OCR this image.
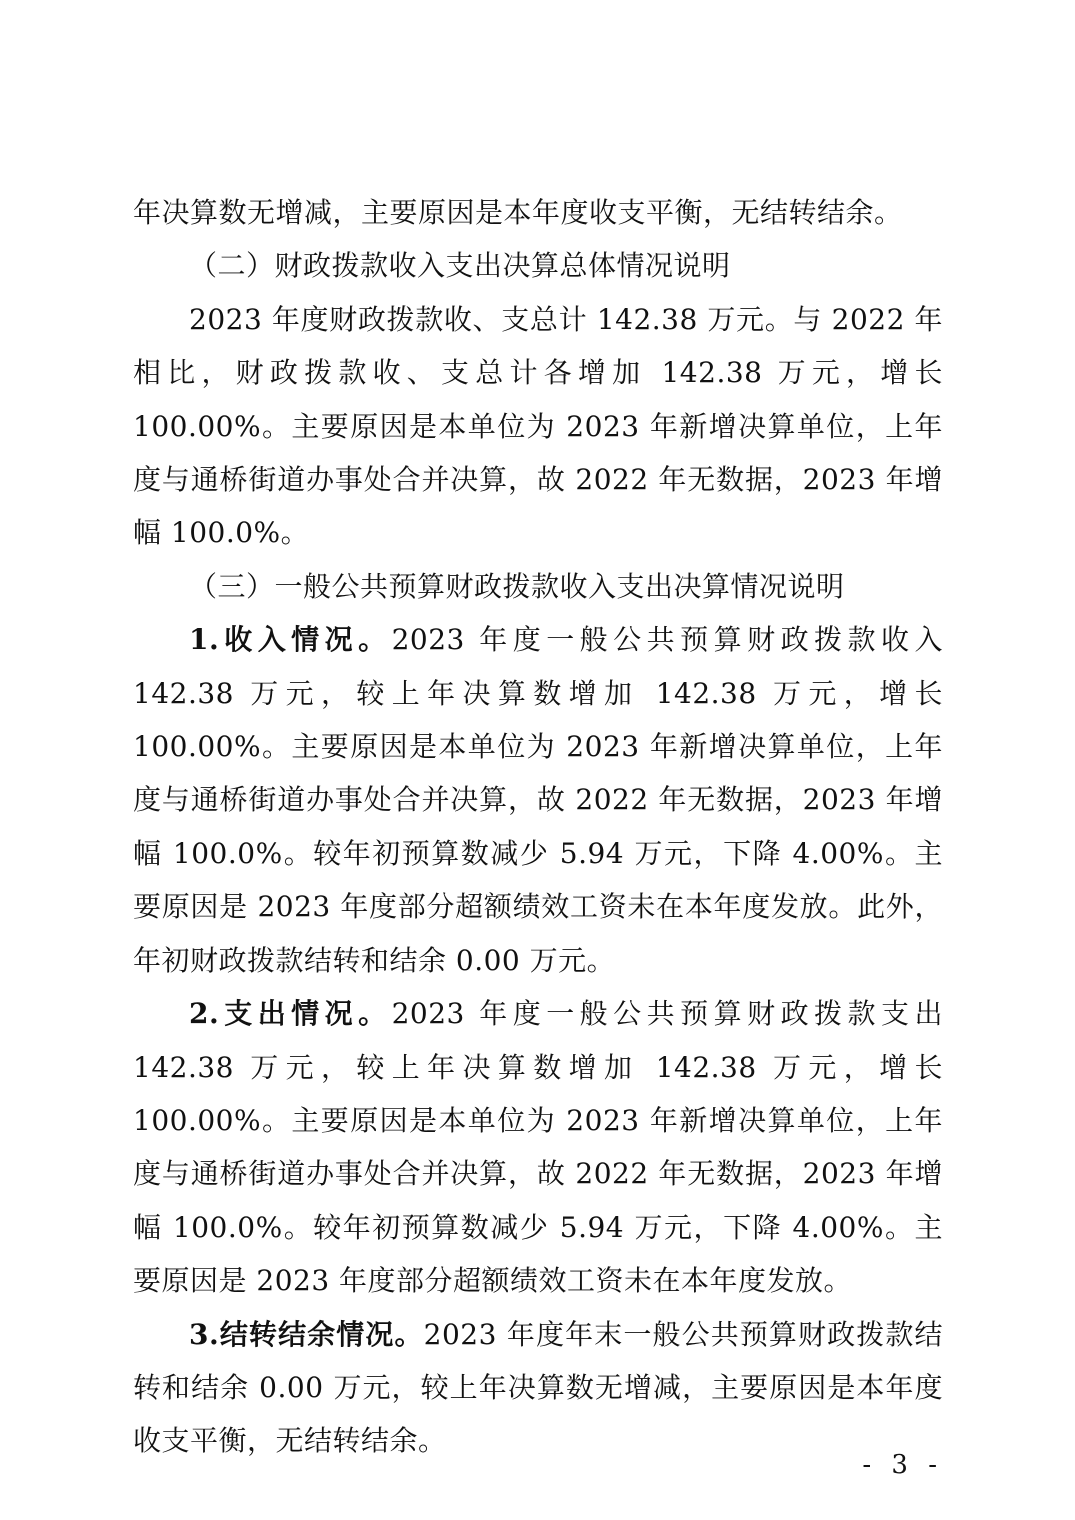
年决算数无增减，主要原因是本年度收支平衡，无结转结余。

（二）财政拨款收入支出决算总体情况说明

2023 年度财政拨款收、支总计 142.38 万元。与 2022 年相比，财政拨款收、支总计各增加 142.38 万元，增长 100.00%。主要原因是本单位为 2023 年新增决算单位，上年度与通桥街道办事处合并决算，故 2022 年无数据，2023 年增幅 100.0%。

（三）一般公共预算财政拨款收入支出决算情况说明

1.收入情况。2023 年度一般公共预算财政拨款收入 142.38 万元，较上年决算数增加 142.38 万元，增长 100.00%。主要原因是本单位为 2023 年新增决算单位，上年度与通桥街道办事处合并决算，故 2022 年无数据，2023 年增幅 100.0%。较年初预算数减少 5.94 万元，下降 4.00%。主要原因是 2023 年度部分超额绩效工资未在本年度发放。此外，年初财政拨款结转和结余 0.00 万元。

2.支出情况。2023 年度一般公共预算财政拨款支出 142.38 万元，较上年决算数增加 142.38 万元，增长 100.00%。主要原因是本单位为 2023 年新增决算单位，上年度与通桥街道办事处合并决算，故 2022 年无数据，2023 年增幅 100.0%。较年初预算数减少 5.94 万元，下降 4.00%。主要原因是 2023 年度部分超额绩效工资未在本年度发放。

3.结转结余情况。2023 年度年末一般公共预算财政拨款结转和结余 0.00 万元，较上年决算数无增减，主要原因是本年度收支平衡，无结转结余。

- 3 -
